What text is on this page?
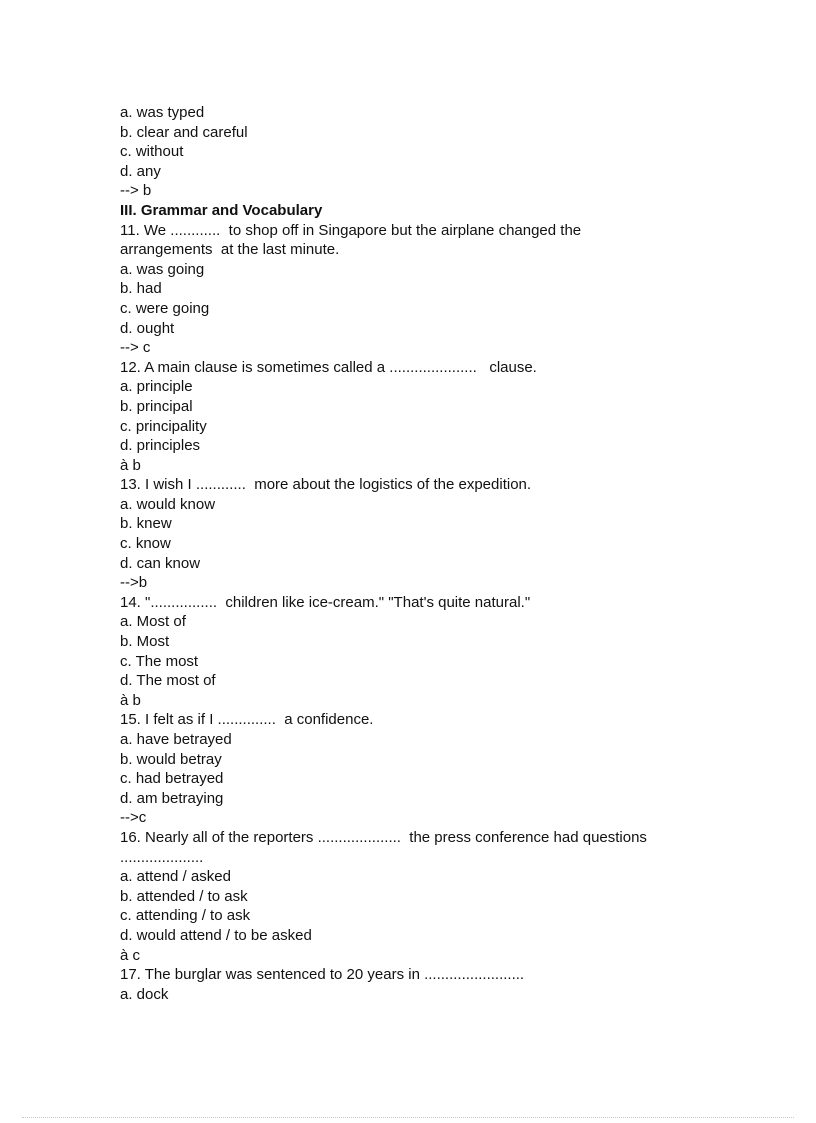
a. was typed
b. clear and careful
c. without
d. any
--> b
III. Grammar and Vocabulary
11. We ............  to shop off in Singapore but the airplane changed the
arrangements  at the last minute.
a. was going
b. had
c. were going
d. ought
--> c
12. A main clause is sometimes called a .....................   clause.
a. principle
b. principal
c. principality
d. principles
à b
13. I wish I ............  more about the logistics of the expedition.
a. would know
b. knew
c. know
d. can know
-->b
14. "................  children like ice-cream." "That's quite natural."
a. Most of
b. Most
c. The most
d. The most of
à b
15. I felt as if I ..............  a confidence.
a. have betrayed
b. would betray
c. had betrayed
d. am betraying
-->c
16. Nearly all of the reporters ....................  the press conference had questions
....................
a. attend / asked
b. attended / to ask
c. attending / to ask
d. would attend / to be asked
à c
17. The burglar was sentenced to 20 years in ........................
a. dock
